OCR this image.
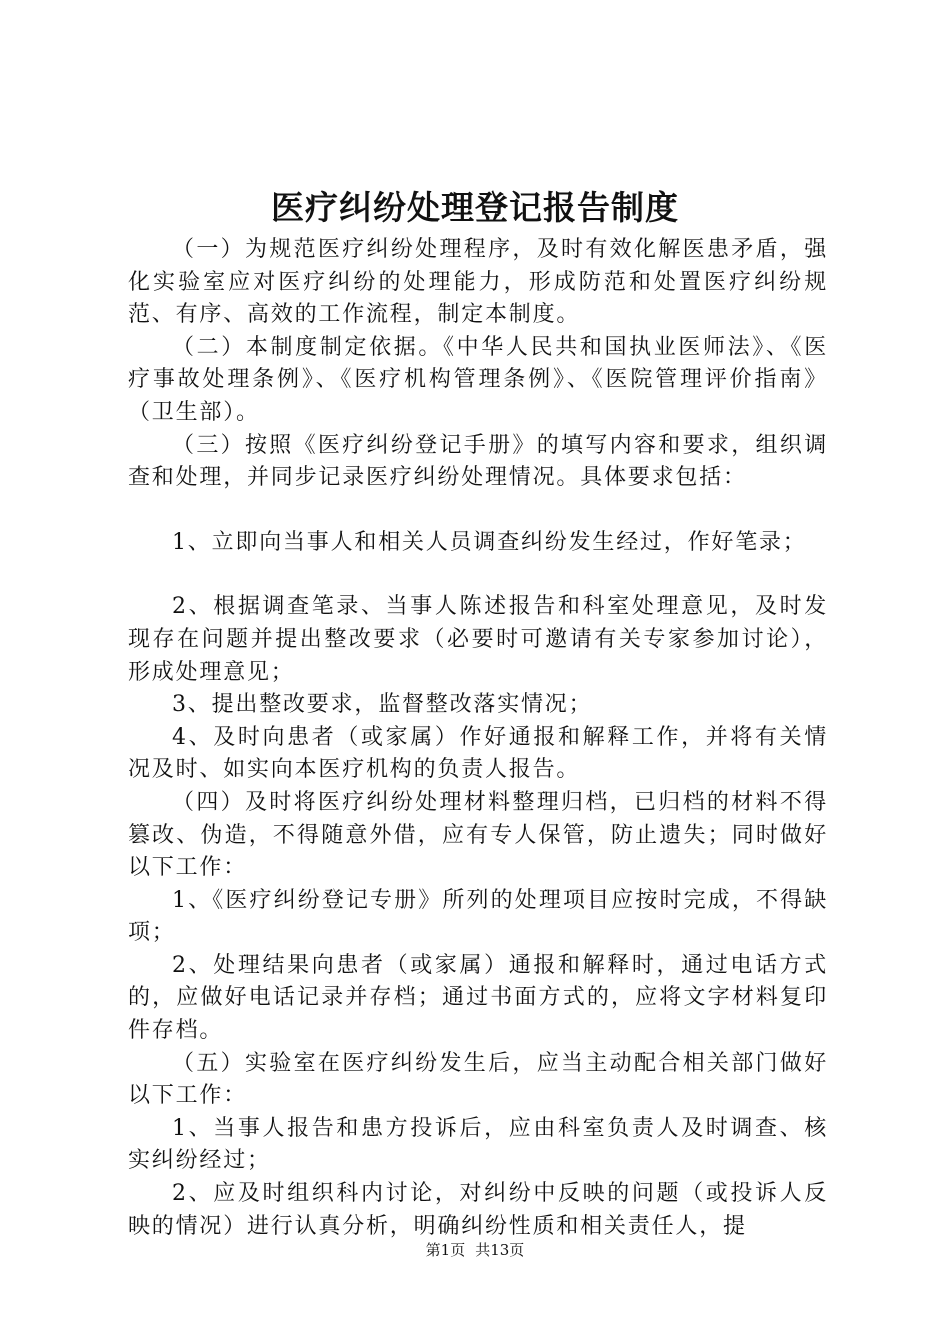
医疗纠纷处理登记报告制度

（一）为规范医疗纠纷处理程序，及时有效化解医患矛盾，强化实验室应对医疗纠纷的处理能力，形成防范和处置医疗纠纷规范、有序、高效的工作流程，制定本制度。

（二）本制度制定依据。《中华人民共和国执业医师法》、《医疗事故处理条例》、《医疗机构管理条例》、《医院管理评价指南》（卫生部）。

（三）按照《医疗纠纷登记手册》的填写内容和要求，组织调查和处理，并同步记录医疗纠纷处理情况。具体要求包括：

1、立即向当事人和相关人员调查纠纷发生经过，作好笔录；

2、根据调查笔录、当事人陈述报告和科室处理意见，及时发现存在问题并提出整改要求（必要时可邀请有关专家参加讨论），形成处理意见；

3、提出整改要求，监督整改落实情况；

4、及时向患者（或家属）作好通报和解释工作，并将有关情况及时、如实向本医疗机构的负责人报告。

（四）及时将医疗纠纷处理材料整理归档，已归档的材料不得篡改、伪造，不得随意外借，应有专人保管，防止遗失；同时做好以下工作：

1、《医疗纠纷登记专册》所列的处理项目应按时完成，不得缺项；

2、处理结果向患者（或家属）通报和解释时，通过电话方式的，应做好电话记录并存档；通过书面方式的，应将文字材料复印件存档。

（五）实验室在医疗纠纷发生后，应当主动配合相关部门做好以下工作：

1、当事人报告和患方投诉后，应由科室负责人及时调查、核实纠纷经过；

2、应及时组织科内讨论，对纠纷中反映的问题（或投诉人反映的情况）进行认真分析，明确纠纷性质和相关责任人，提

第1页 共13页
